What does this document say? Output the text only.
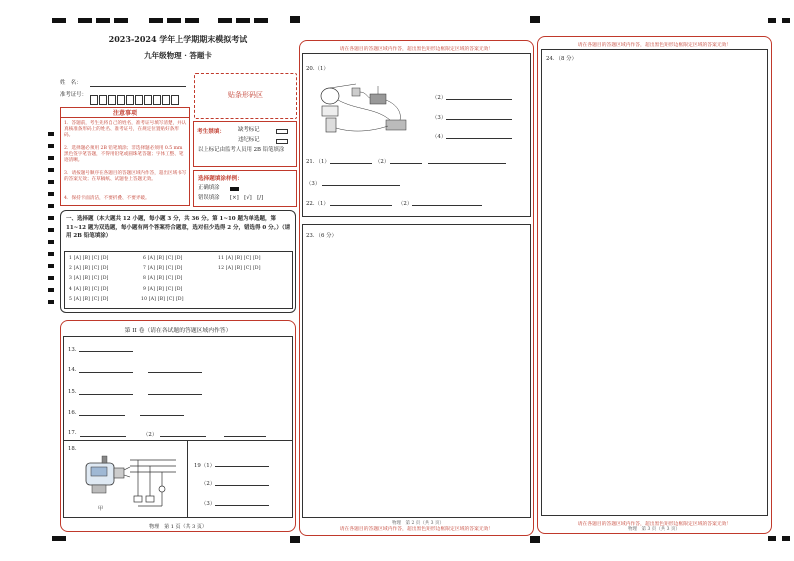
2023-2024 学年上学期期末模拟考试
九年级物理 · 答题卡
姓　名：
准考证号：	贴条形码区
注意事项
1．答题前，考生先将自己的姓名，准考证号填写清楚，并认真核准条形码上的姓名、准考证号，在规定位置贴好条形码。
2．选择题必须用 2B 铅笔填涂；非选择题必须用 0.5 mm 黑色签字笔答题，不得用铅笔或圆珠笔答题；字体工整、笔迹清晰。
3．请按题号顺序在各题目的答题区域内作答，超出区域书写的答案无效；在草稿纸、试题卷上答题无效。
4．保持卡面清洁，不要折叠、不要弄破。
考生禁填： 缺考标记
违纪标记
以上标记由监考人员用 2B 铅笔填涂
选择题填涂样例：
正确填涂
错误填涂 [×]　[√]　[/]
一、选择题（本大题共 12 小题，每小题 3 分，共 36 分。第 1~10 题为单选题，第 11~12 题为双选题，每小题有两个答案符合题意，选对但少选得 2 分，错选得 0 分。）（请用 2B 铅笔填涂）
1 [A] [B] [C] [D]
2 [A] [B] [C] [D]
3 [A] [B] [C] [D]
4 [A] [B] [C] [D]
5 [A] [B] [C] [D]
6 [A] [B] [C] [D]
7 [A] [B] [C] [D]
8 [A] [B] [C] [D]
9 [A] [B] [C] [D]
10 [A] [B] [C] [D]
11 [A] [B] [C] [D]
12 [A] [B] [C] [D]
第 II 卷（请在各试题的答题区域内作答）
13.
14.
15.
16.
17.	（2）
18.
甲
19（1）
（2）
（3）
物理　第 1 页（共 3 页）
请在各题目的答题区域内作答，超出黑色矩形边框限定区域的答案无效！
20.（1）
（2）
（3）
（4）
21．（1）	（2）
（3）
22.（1）	（2）
23．（6 分）
请在各题目的答题区域内作答，超出黑色矩形边框限定区域的答案无效！
物理　第 2 页（共 3 页）
请在各题目的答题区域内作答，超出黑色矩形边框限定区域的答案无效！
24．（8 分）
请在各题目的答题区域内作答，超出黑色矩形边框限定区域的答案无效！
物理　第 3 页（共 3 页）
